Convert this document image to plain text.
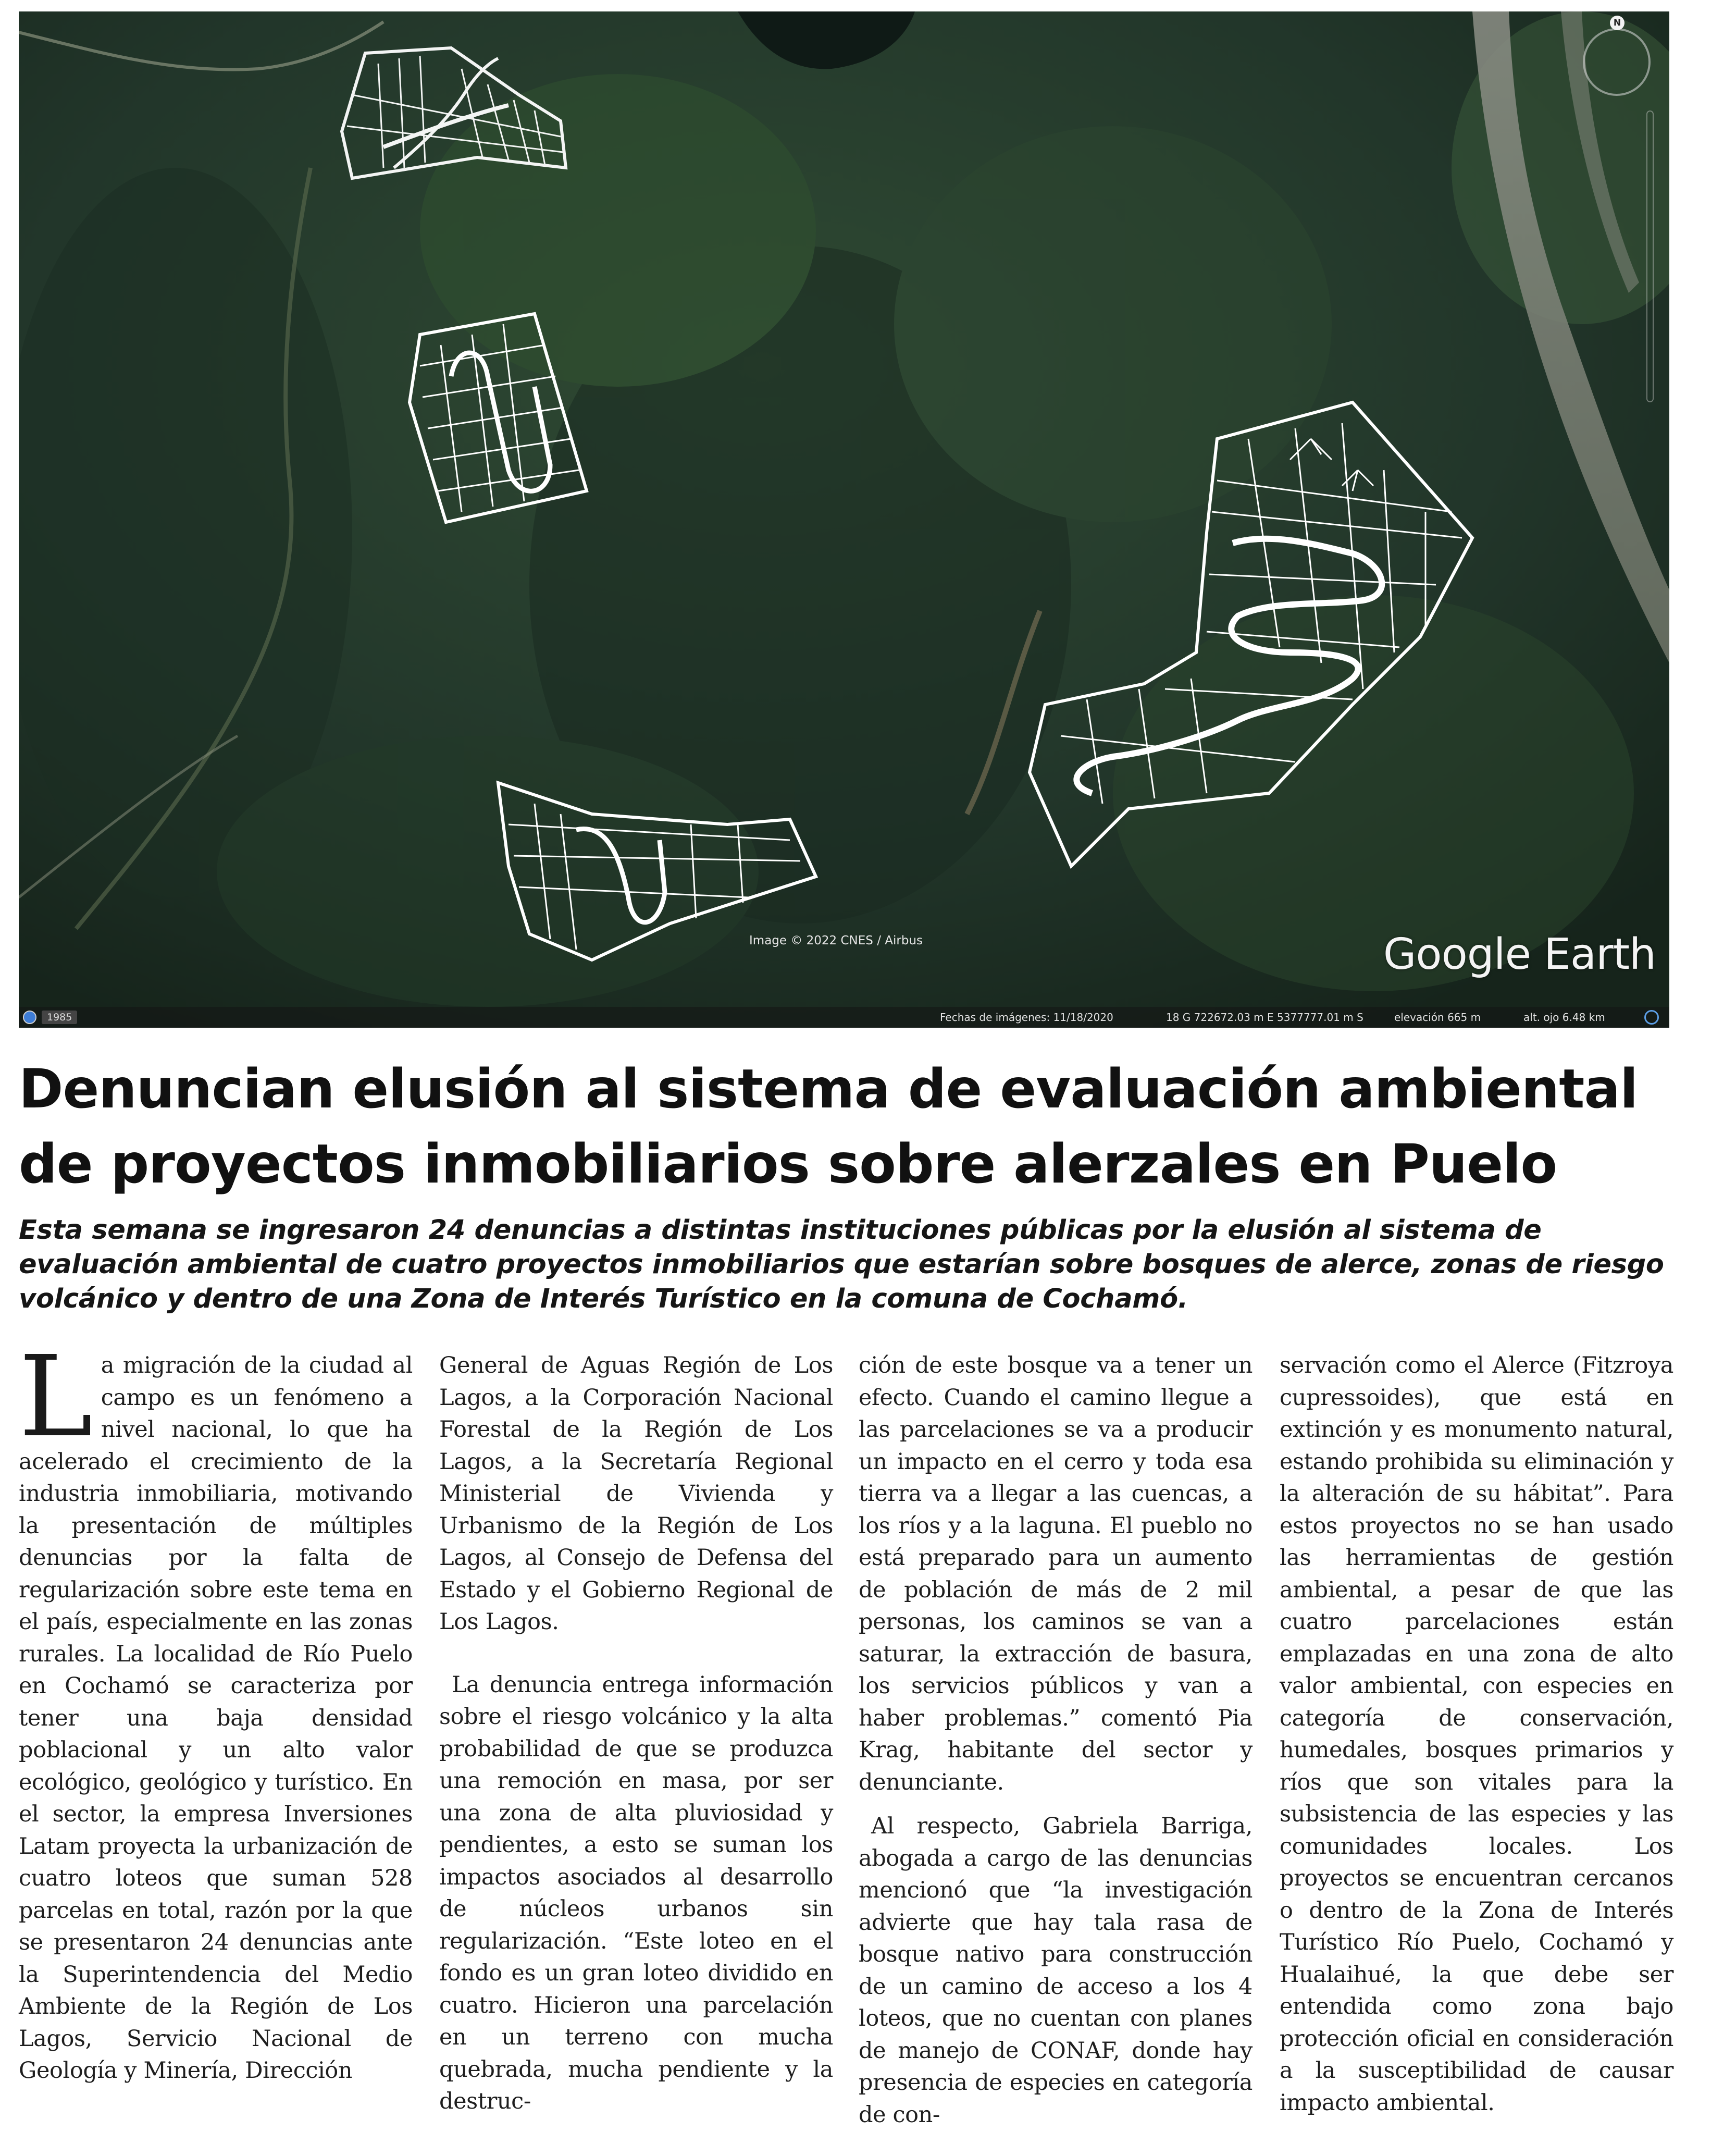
Image © 2022 CNES / Airbus	Google Earth
N
1985	Fechas de imágenes: 11/18/2020	18 G 722672.03 m E 5377777.01 m S	elevación 665 m	alt. ojo 6.48 km
Denuncian elusión al sistema de evaluación ambiental
de proyectos inmobiliarios sobre alerzales en Puelo

Esta semana se ingresaron 24 denuncias a distintas instituciones públicas por la elusión al sistema de evaluación ambiental de cuatro proyectos inmobiliarios que estarían sobre bosques de alerce, zonas de riesgo volcánico y dentro de una Zona de Interés Turístico en la comuna de Cochamó.

L a migración de la ciudad al campo es un fenómeno a nivel nacional, lo que ha acelerado el crecimiento de la industria inmobiliaria, motivando la presentación de múltiples denuncias por la falta de regularización sobre este tema en el país, especialmente en las zonas rurales. La localidad de Río Puelo en Cochamó se caracteriza por tener una baja densidad poblacional y un alto valor ecológico, geológico y turístico. En el sector, la empresa Inversiones Latam proyecta la urbanización de cuatro loteos que suman 528 parcelas en total, razón por la que se presentaron 24 denuncias ante la Superintendencia del Medio Ambiente de la Región de Los Lagos, Servicio Nacional de Geología y Minería, Dirección

General de Aguas Región de Los Lagos, a la Corporación Nacional Forestal de la Región de Los Lagos, a la Secretaría Regional Ministerial de Vivienda y Urbanismo de la Región de Los Lagos, al Consejo de Defensa del Estado y el Gobierno Regional de Los Lagos.

La denuncia entrega información sobre el riesgo volcánico y la alta probabilidad de que se produzca una remoción en masa, por ser una zona de alta pluviosidad y pendientes, a esto se suman los impactos asociados al desarrollo de núcleos urbanos sin regularización. “Este loteo en el fondo es un gran loteo dividido en cuatro. Hicieron una parcelación en un terreno con mucha quebrada, mucha pendiente y la destruc-

ción de este bosque va a tener un efecto. Cuando el camino llegue a las parcelaciones se va a producir un impacto en el cerro y toda esa tierra va a llegar a las cuencas, a los ríos y a la laguna. El pueblo no está preparado para un aumento de población de más de 2 mil personas, los caminos se van a saturar, la extracción de basura, los servicios públicos y van a haber problemas.” comentó Pia Krag, habitante del sector y denunciante.

Al respecto, Gabriela Barriga, abogada a cargo de las denuncias mencionó que “la investigación advierte que hay tala rasa de bosque nativo para construcción de un camino de acceso a los 4 loteos, que no cuentan con planes de manejo de CONAF, donde hay presencia de especies en categoría de con-

servación como el Alerce (Fitzroya cupressoides), que está en extinción y es monumento natural, estando prohibida su eliminación y la alteración de su hábitat”. Para estos proyectos no se han usado las herramientas de gestión ambiental, a pesar de que las cuatro parcelaciones están emplazadas en una zona de alto valor ambiental, con especies en categoría de conservación, humedales, bosques primarios y ríos que son vitales para la subsistencia de las especies y las comunidades locales. Los proyectos se encuentran cercanos o dentro de la Zona de Interés Turístico Río Puelo, Cochamó y Hualaihué, la que debe ser entendida como zona bajo protección oficial en consideración a la susceptibilidad de causar impacto ambiental.
